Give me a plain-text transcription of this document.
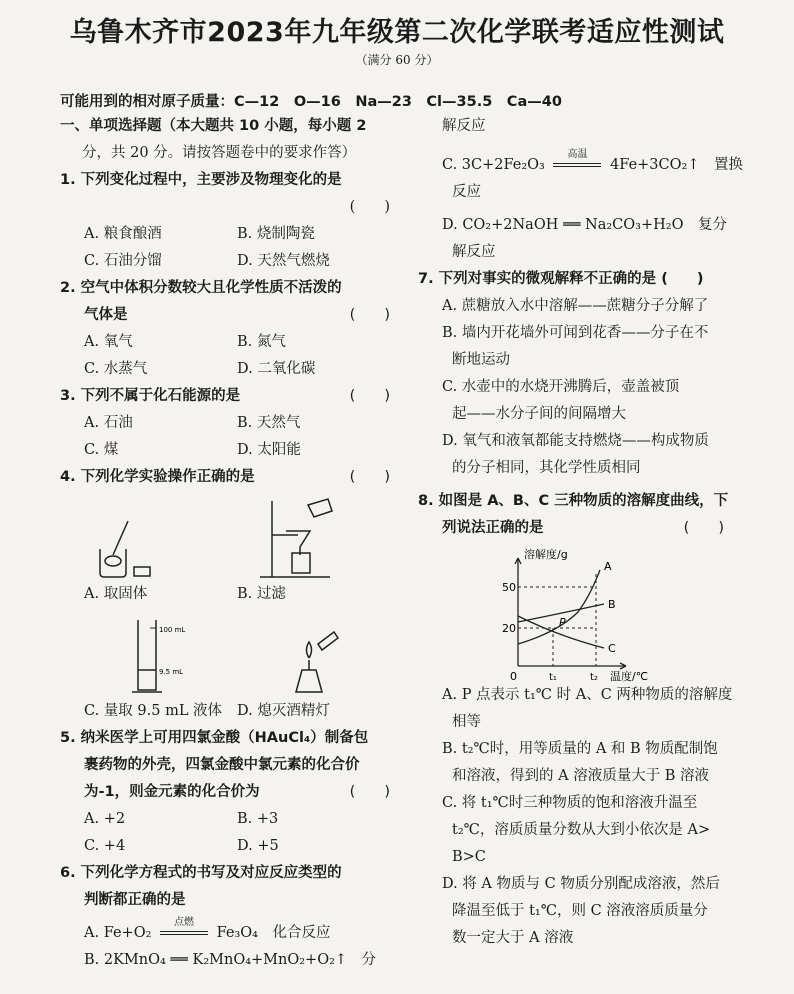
乌鲁木齐市2023年九年级第二次化学联考适应性测试
（满分 60 分）
可能用到的相对原子质量：C—12　O—16　Na—23　Cl—35.5　Ca—40
一、单项选择题（本大题共 10 小题，每小题 2
分，共 20 分。请按答题卷中的要求作答）
1. 下列变化过程中，主要涉及物理变化的是
(　　)
A. 粮食酿酒	B. 烧制陶瓷
C. 石油分馏	D. 天然气燃烧
2. 空气中体积分数较大且化学性质不活泼的
气体是	(　　)
A. 氧气	B. 氮气
C. 水蒸气	D. 二氧化碳
3. 下列不属于化石能源的是	(　　)
A. 石油	B. 天然气
C. 煤	D. 太阳能
4. 下列化学实验操作正确的是	(　　)
A. 取固体	B. 过滤
100 mL
9.5 mL
C. 量取 9.5 mL 液体	D. 熄灭酒精灯
5. 纳米医学上可用四氯金酸（HAuCl₄）制备包
裹药物的外壳，四氯金酸中氯元素的化合价
为-1，则金元素的化合价为	(　　)
A. +2	B. +3
C. +4	D. +5
6. 下列化学方程式的书写及对应反应类型的
判断都正确的是
A. Fe+O₂
点燃
Fe₃O₄　化合反应
B. 2KMnO₄ ══ K₂MnO₄+MnO₂+O₂↑　分
解反应
C. 3C+2Fe₂O₃
高温
4Fe+3CO₂↑　置换
反应
D. CO₂+2NaOH ══ Na₂CO₃+H₂O　复分
解反应
7. 下列对事实的微观解释不正确的是 (　　)
A. 蔗糖放入水中溶解——蔗糖分子分解了
B. 墙内开花墙外可闻到花香——分子在不
断地运动
C. 水壶中的水烧开沸腾后，壶盖被顶
起——水分子间的间隔增大
D. 氧气和液氧都能支持燃烧——构成物质
的分子相同，其化学性质相同
8. 如图是 A、B、C 三种物质的溶解度曲线，下
列说法正确的是	(　　)
溶解度/g
50
20
0	t₁	t₂ 温度/℃
A
B
C
P
A. P 点表示 t₁℃ 时 A、C 两种物质的溶解度
相等
B. t₂℃时，用等质量的 A 和 B 物质配制饱
和溶液，得到的 A 溶液质量大于 B 溶液
C. 将 t₁℃时三种物质的饱和溶液升温至
t₂℃，溶质质量分数从大到小依次是 A>
B>C
D. 将 A 物质与 C 物质分别配成溶液，然后
降温至低于 t₁℃，则 C 溶液溶质质量分
数一定大于 A 溶液
